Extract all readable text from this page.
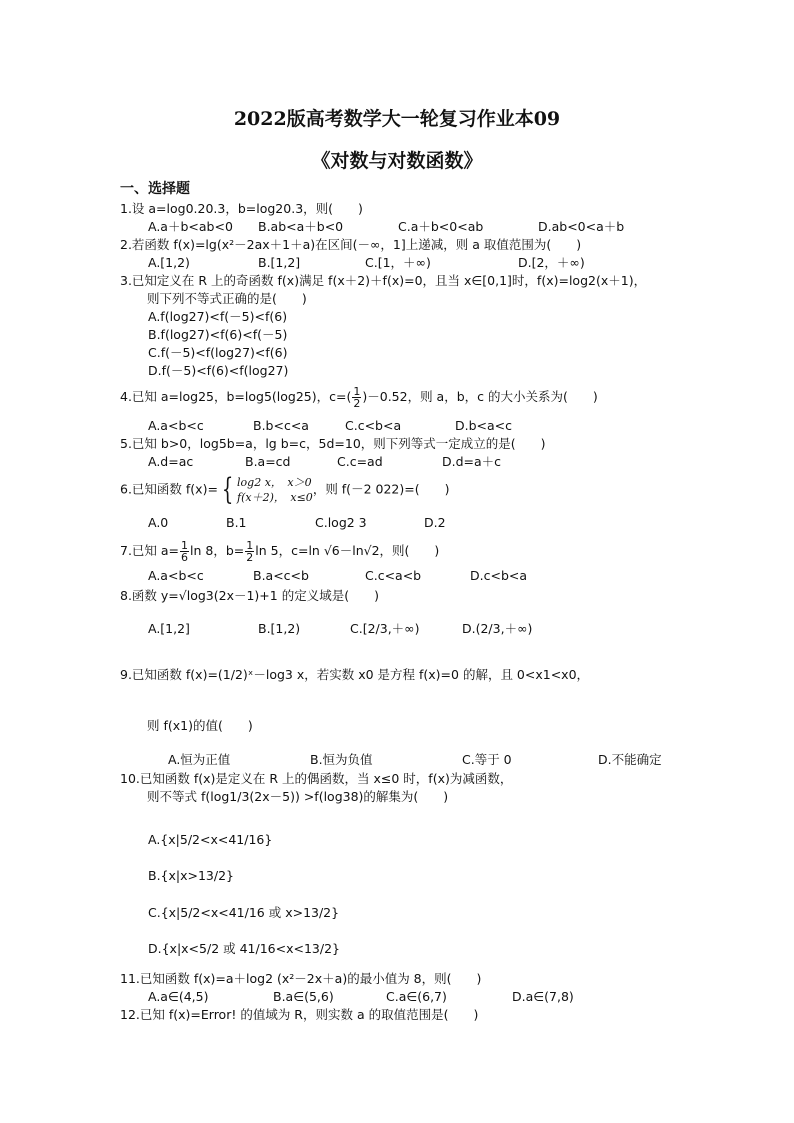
2022版高考数学大一轮复习作业本09
《对数与对数函数》
一、选择题
1.设 a=log0.20.3，b=log20.3，则(　　)
A.a＋b<ab<0 B.ab<a＋b<0	C.a＋b<0<ab	D.ab<0<a＋b
2.若函数 f(x)=lg(x²－2ax＋1＋a)在区间(－∞，1]上递减，则 a 取值范围为(　　)
A.[1,2)	B.[1,2]	C.[1，＋∞)	D.[2，＋∞)
3.已知定义在 R 上的奇函数 f(x)满足 f(x＋2)＋f(x)=0，且当 x∈[0,1]时，f(x)=log2(x＋1)，
则下列不等式正确的是(　　)
A.f(log27)<f(－5)<f(6)
B.f(log27)<f(6)<f(－5)
C.f(－5)<f(log27)<f(6)
D.f(－5)<f(6)<f(log27)
4.已知 a=log25，b=log5(log25)，$c=( \frac{1}{2} )-0.52$，则 a，b，c 的大小关系为(　　)
A.a<b<c	B.b<c<a	C.c<b<a	D.b<a<c
5.已知 b>0，log5b=a，lg b=c，5d=10，则下列等式一定成立的是(　　)
A.d=ac	B.a=cd	C.c=ad	D.d=a＋c
6.已知函数 f(x)= { log2 x，　x＞0
f(x＋2)，　x≤0
，则 f(－2 022)=(　　)
A.0	B.1	C.log2 3	D.2
7.已知 $a= \frac{1}{6}$ ln 8，$b= \frac{1}{2}$ ln 5，c=ln √6－ln√2，则(　　)
A.a<b<c	B.a<c<b	C.c<a<b	D.c<b<a
8.函数 y=√log3(2x－1)+1 的定义域是(　　)
A.[1,2]	B.[1,2)	C.[2/3,＋∞)	D.(2/3,＋∞)
9.已知函数 f(x)=(1/2)ˣ－log3 x，若实数 x0 是方程 f(x)=0 的解，且 0<x1<x0，
则 f(x1)的值(　　)
A.恒为正值	B.恒为负值	C.等于 0	D.不能确定
10.已知函数 f(x)是定义在 R 上的偶函数，当 x≤0 时，f(x)为减函数，
则不等式 f(log1/3(2x－5)) >f(log38)的解集为(　　)
A.{x|5/2<x<41/16}
B.{x|x>13/2}
C.{x|5/2<x<41/16 或 x>13/2}
D.{x|x<5/2 或 41/16<x<13/2}
11.已知函数 f(x)=a＋log2 (x²－2x＋a)的最小值为 8，则(　　)
A.a∈(4,5)	B.a∈(5,6)	C.a∈(6,7)	D.a∈(7,8)
12.已知 f(x)=Error! 的值域为 R，则实数 a 的取值范围是(　　)
